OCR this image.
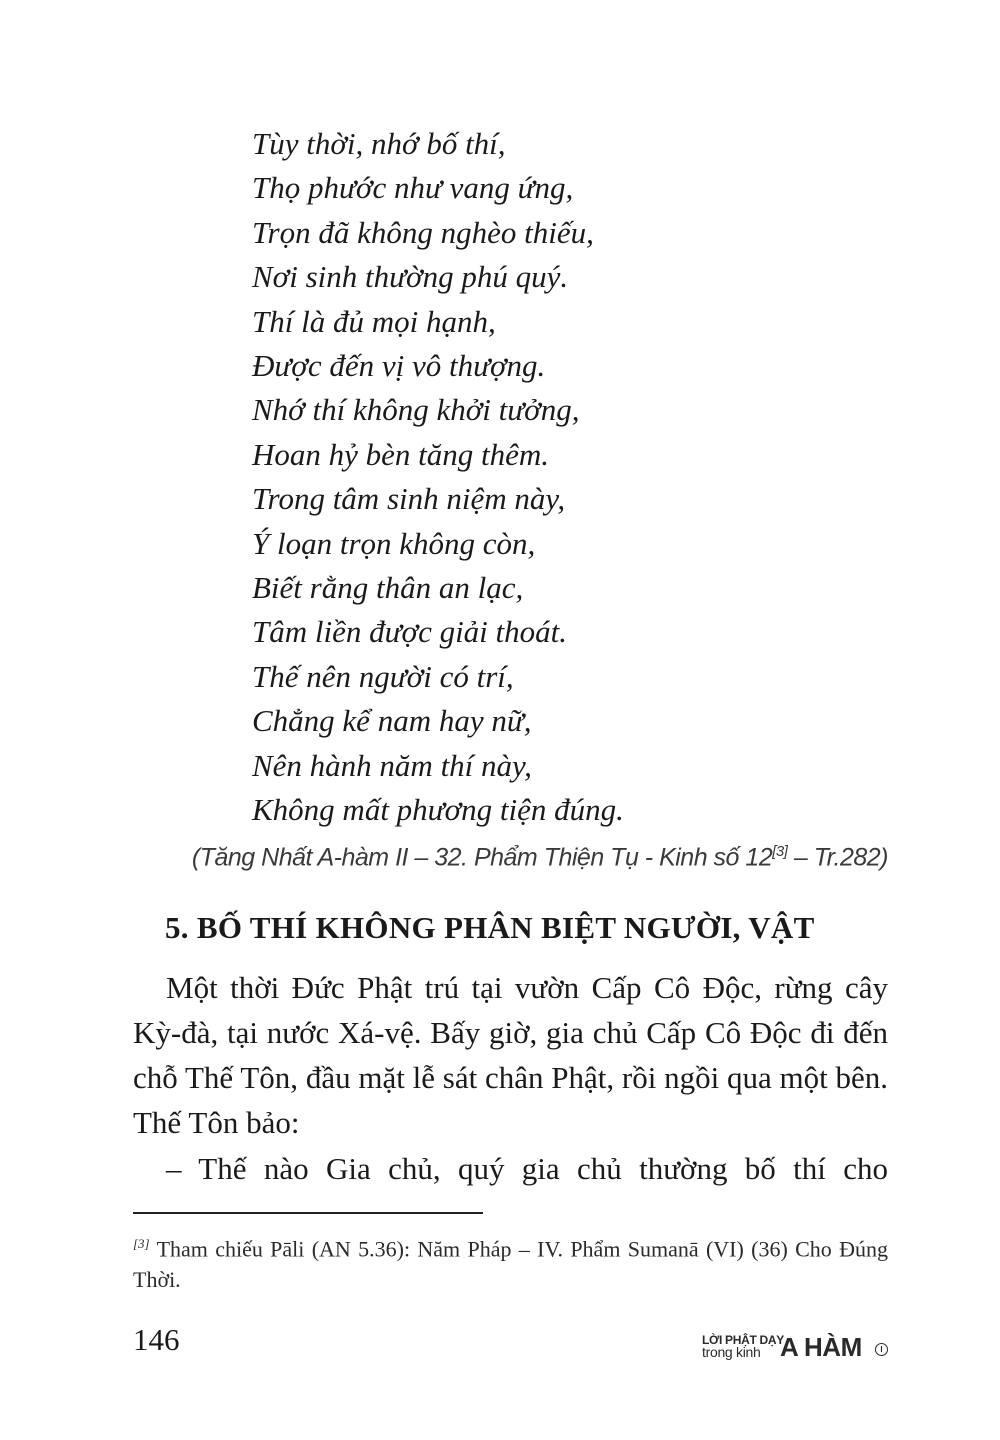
Tùy thời, nhớ bố thí,
Thọ phước như vang ứng,
Trọn đã không nghèo thiếu,
Nơi sinh thường phú quý.
Thí là đủ mọi hạnh,
Được đến vị vô thượng.
Nhớ thí không khởi tưởng,
Hoan hỷ bèn tăng thêm.
Trong tâm sinh niệm này,
Ý loạn trọn không còn,
Biết rằng thân an lạc,
Tâm liền được giải thoát.
Thế nên người có trí,
Chẳng kể nam hay nữ,
Nên hành năm thí này,
Không mất phương tiện đúng.
(Tăng Nhất A-hàm II – 32. Phẩm Thiện Tụ - Kinh số 12[3] – Tr.282)
5. BỐ THÍ KHÔNG PHÂN BIỆT NGƯỜI, VẬT

Một thời Đức Phật trú tại vườn Cấp Cô Độc, rừng cây Kỳ-đà, tại nước Xá-vệ. Bấy giờ, gia chủ Cấp Cô Độc đi đến chỗ Thế Tôn, đầu mặt lễ sát chân Phật, rồi ngồi qua một bên. Thế Tôn bảo:

– Thế nào Gia chủ, quý gia chủ thường bố thí cho

[3] Tham chiếu Pāli (AN 5.36): Năm Pháp – IV. Phẩm Sumanā (VI) (36) Cho Đúng Thời.

146	LỜI PHẬT DẠY
trong kinh A HÀM	I
